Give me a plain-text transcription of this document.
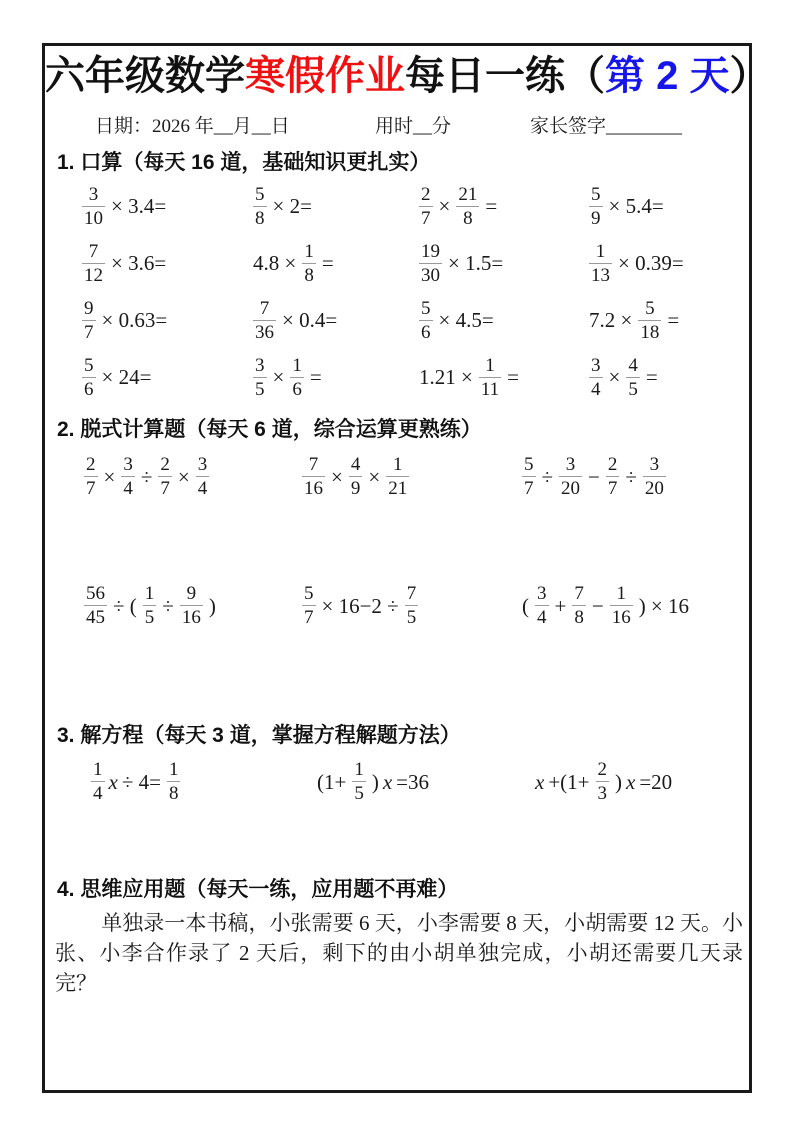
六年级数学寒假作业每日一练（第 2 天）
日期：2026 年__月__日	用时__分	家长签字________
1. 口算（每天 16 道，基础知识更扎实）
$\frac{3}{10} \times 3.4=$	$\frac{5}{8} \times 2=$	$\frac{2}{7} \times \frac{21}{8}$ =	$\frac{5}{9} \times 5.4=$
$\frac{7}{12} \times 3.6=$	$4.8 \times \frac{1}{8}$ =	$\frac{19}{30} \times 1.5=$	$\frac{1}{13} \times 0.39=$
$\frac{9}{7} \times 0.63=$	$\frac{7}{36} \times 0.4=$	$\frac{5}{6} \times 4.5=$	$7.2 \times \frac{5}{18}$ =
$\frac{5}{6} \times 24=$	$\frac{3}{5} \times \frac{1}{6}$ =	$1.21 \times \frac{1}{11}$ =	$\frac{3}{4} \times \frac{4}{5}$ =
2. 脱式计算题（每天 6 道，综合运算更熟练）
$\frac{2}{7} \times \frac{3}{4} \div \frac{2}{7} \times \frac{3}{4}$	$\frac{7}{16} \times \frac{4}{9} \times \frac{1}{21}$	$\frac{5}{7} \div \frac{3}{20} - \frac{2}{7} \div \frac{3}{20}$
$\frac{56}{45}$ ÷ ( $\frac{1}{5} \div \frac{9}{16}$ )	$\frac{5}{7} \times 16-2 \div \frac{7}{5}$	( $\frac{3}{4} + \frac{7}{8} - \frac{1}{16}$ ) × 16
3. 解方程（每天 3 道，掌握方程解题方法）
$\frac{1}{4}$ $x \div 4= \frac{1}{8}$	($1+ \frac{1}{5}$ ) x =36	$x +(1+ \frac{2}{3}$ ) x =20
4. 思维应用题（每天一练，应用题不再难）

单独录一本书稿，小张需要 6 天，小李需要 8 天，小胡需要 12 天。小张、小李合作录了 2 天后，剩下的由小胡单独完成，小胡还需要几天录完？
